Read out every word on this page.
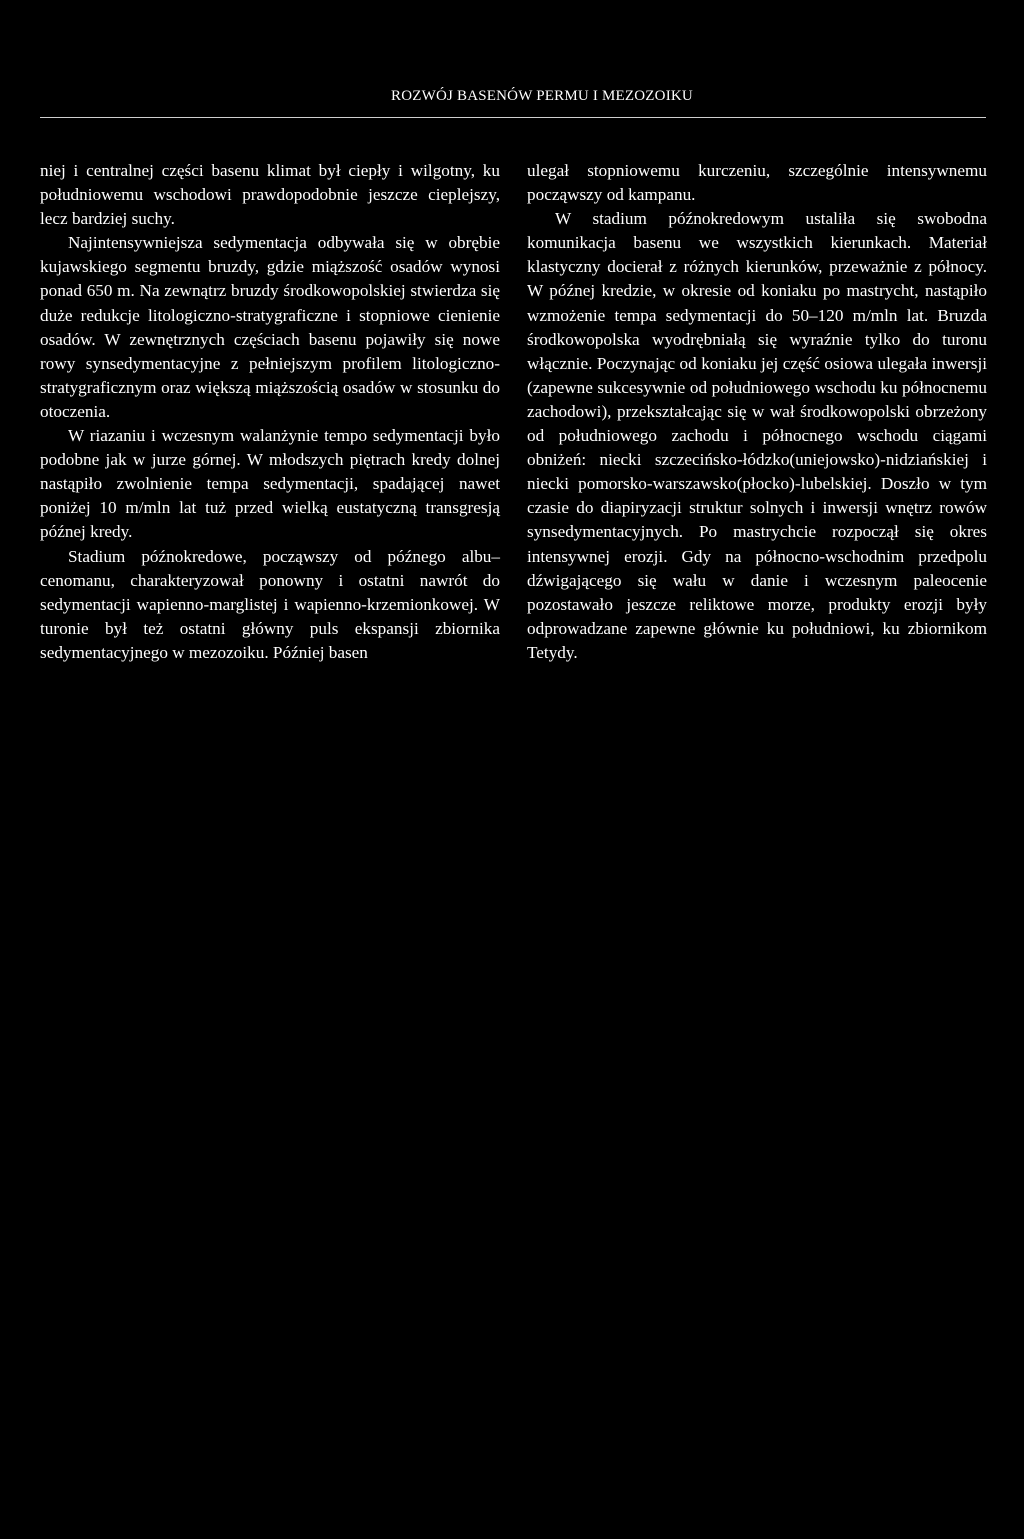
ROZWÓJ BASENÓW PERMU I MEZOZOIKU

niej i centralnej części basenu klimat był ciepły i wilgotny, ku południowemu wschodowi prawdopodobnie jeszcze cieplejszy, lecz bardziej suchy.

Najintensywniejsza sedymentacja odbywała się w obrębie kujawskiego segmentu bruzdy, gdzie miąższość osadów wynosi ponad 650 m. Na zewnątrz bruzdy środkowopolskiej stwierdza się duże redukcje litologiczno-stratygraficzne i stopniowe cienienie osadów. W zewnętrznych częściach basenu pojawiły się nowe rowy synsedymentacyjne z pełniejszym profilem litologiczno-stratygraficznym oraz większą miąższością osadów w stosunku do otoczenia.

W riazaniu i wczesnym walanżynie tempo sedymentacji było podobne jak w jurze górnej. W młodszych piętrach kredy dolnej nastąpiło zwolnienie tempa sedymentacji, spadającej nawet poniżej 10 m/mln lat tuż przed wielką eustatyczną transgresją późnej kredy.

Stadium późnokredowe, począwszy od późnego albu–cenomanu, charakteryzował ponowny i ostatni nawrót do sedymentacji wapienno-marglistej i wapienno-krzemionkowej. W turonie był też ostatni główny puls ekspansji zbiornika sedymentacyjnego w mezozoiku. Później basen

ulegał stopniowemu kurczeniu, szczególnie intensywnemu począwszy od kampanu.

W stadium późnokredowym ustaliła się swobodna komunikacja basenu we wszystkich kierunkach. Materiał klastyczny docierał z różnych kierunków, przeważnie z północy. W późnej kredzie, w okresie od koniaku po mastrycht, nastąpiło wzmożenie tempa sedymentacji do 50–120 m/mln lat. Bruzda środkowopolska wyodrębniałą się wyraźnie tylko do turonu włącznie. Poczynając od koniaku jej część osiowa ulegała inwersji (zapewne sukcesywnie od południowego wschodu ku północnemu zachodowi), przekształcając się w wał środkowopolski obrzeżony od południowego zachodu i północnego wschodu ciągami obniżeń: niecki szczecińsko-łódzko(uniejowsko)-nidziańskiej i niecki pomorsko-warszawsko(płocko)-lubelskiej. Doszło w tym czasie do diapiryzacji struktur solnych i inwersji wnętrz rowów synsedymentacyjnych. Po mastrychcie rozpoczął się okres intensywnej erozji. Gdy na północno-wschodnim przedpolu dźwigającego się wału w danie i wczesnym paleocenie pozostawało jeszcze reliktowe morze, produkty erozji były odprowadzane zapewne głównie ku południowi, ku zbiornikom Tetydy.
